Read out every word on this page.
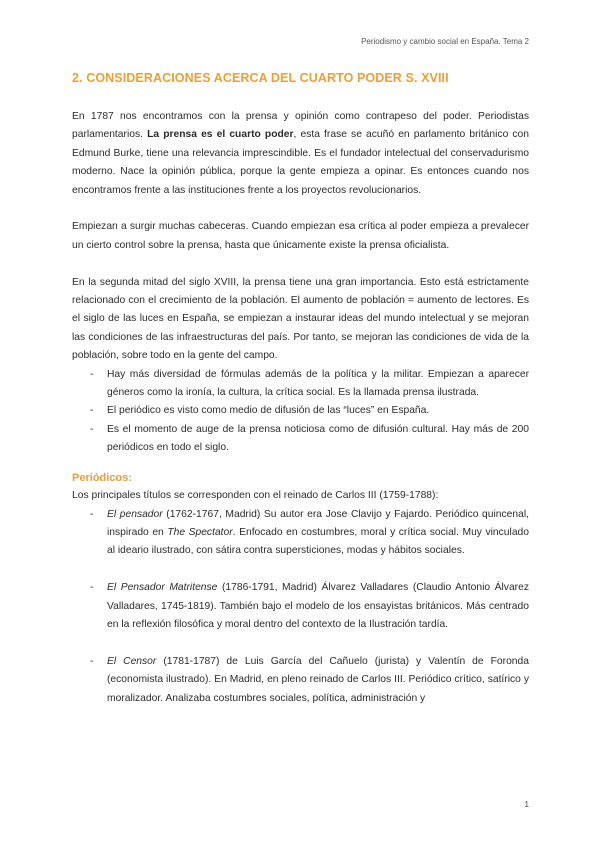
Periodismo y cambio social en España. Tema 2
2. CONSIDERACIONES ACERCA DEL CUARTO PODER S. XVIII

En 1787 nos encontramos con la prensa y opinión como contrapeso del poder. Periodistas parlamentarios. La prensa es el cuarto poder, esta frase se acuñó en parlamento británico con Edmund Burke, tiene una relevancia imprescindible. Es el fundador intelectual del conservadurismo moderno. Nace la opinión pública, porque la gente empieza a opinar. Es entonces cuando nos encontramos frente a las instituciones frente a los proyectos revolucionarios.

Empiezan a surgir muchas cabeceras. Cuando empiezan esa crítica al poder empieza a prevalecer un cierto control sobre la prensa, hasta que únicamente existe la prensa oficialista.

En la segunda mitad del siglo XVIII, la prensa tiene una gran importancia. Esto está estrictamente relacionado con el crecimiento de la población. El aumento de población = aumento de lectores. Es el siglo de las luces en España, se empiezan a instaurar ideas del mundo intelectual y se mejoran las condiciones de las infraestructuras del país. Por tanto, se mejoran las condiciones de vida de la población, sobre todo en la gente del campo.

-	Hay más diversidad de fórmulas además de la política y la militar. Empiezan a aparecer géneros como la ironía, la cultura, la crítica social. Es la llamada prensa ilustrada.
-	El periódico es visto como medio de difusión de las “luces” en España.
-	Es el momento de auge de la prensa noticiosa como de difusión cultural. Hay más de 200 periódicos en todo el siglo.
Periódicos:

Los principales títulos se corresponden con el reinado de Carlos III (1759-1788):

-	El pensador (1762-1767, Madrid) Su autor era Jose Clavijo y Fajardo. Periódico quincenal, inspirado en The Spectator. Enfocado en costumbres, moral y crítica social. Muy vinculado al ideario ilustrado, con sátira contra supersticiones, modas y hábitos sociales.
-	El Pensador Matritense (1786-1791, Madrid) Álvarez Valladares (Claudio Antonio Álvarez Valladares, 1745-1819). También bajo el modelo de los ensayistas británicos. Más centrado en la reflexión filosófica y moral dentro del contexto de la Ilustración tardía.
-	El Censor (1781-1787) de Luis García del Cañuelo (jurista) y Valentín de Foronda (economista ilustrado). En Madrid, en pleno reinado de Carlos III. Periódico crítico, satírico y moralizador. Analizaba costumbres sociales, política, administración y
1
